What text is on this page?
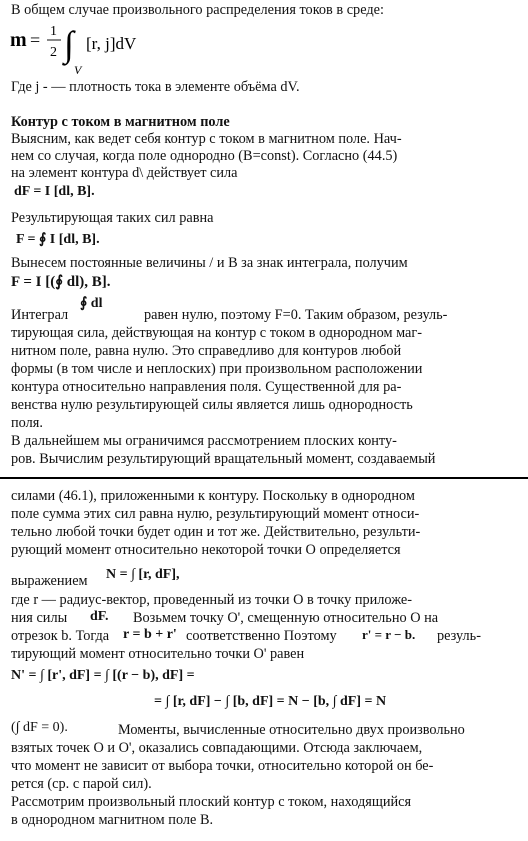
В общем случае произвольного распределения токов в среде:
m = 1
2 ∫ [r, j]dV
V
Где j - — плотность тока в элементе объёма dV.
Контур с током в магнитном поле
Выясним, как ведет себя контур с током в магнитном поле. Нач-
нем со случая, когда поле однородно (B=const). Согласно (44.5)
на элемент контура d\ действует сила
dF = I [dl, B].
Результирующая таких сил равна
F = ∮ I [dl, B].
Вынесем постоянные величины / и B за знак интеграла, получим
F = I [(∮ dl), B].
Интеграл
∮ dl
равен нулю, поэтому F=0. Таким образом, резуль-
тирующая сила, действующая на контур с током в однородном маг-
нитном поле, равна нулю. Это справедливо для контуров любой
формы (в том числе и неплоских) при произвольном расположении
контура относительно направления поля. Существенной для ра-
венства нулю результирующей силы является лишь однородность
поля.
В дальнейшем мы ограничимся рассмотрением плоских конту-
ров. Вычислим результирующий вращательный момент, создаваемый
силами (46.1), приложенными к контуру. Поскольку в однородном
поле сумма этих сил равна нулю, результирующий момент относи-
тельно любой точки будет один и тот же. Действительно, результи-
рующий момент относительно некоторой точки О определяется
выражением N = ∫ [r, dF],
где r — радиус-вектор, проведенный из точки О в точку приложе-
ния силы dF. Возьмем точку О', смещенную относительно О на
отрезок b. Тогда r = b + r' соответственно Поэтому r' = r − b. резуль-
тирующий момент относительно точки О' равен
N' = ∫ [r', dF] = ∫ [(r − b), dF] =
= ∫ [r, dF] − ∫ [b, dF] = N − [b, ∫ dF] = N
(∫ dF = 0).	Моменты, вычисленные относительно двух произвольно
взятых точек О и О', оказались совпадающими. Отсюда заключаем,
что момент не зависит от выбора точки, относительно которой он бе-
рется (ср. с парой сил).
Рассмотрим произвольный плоский контур с током, находящийся
в однородном магнитном поле В.
